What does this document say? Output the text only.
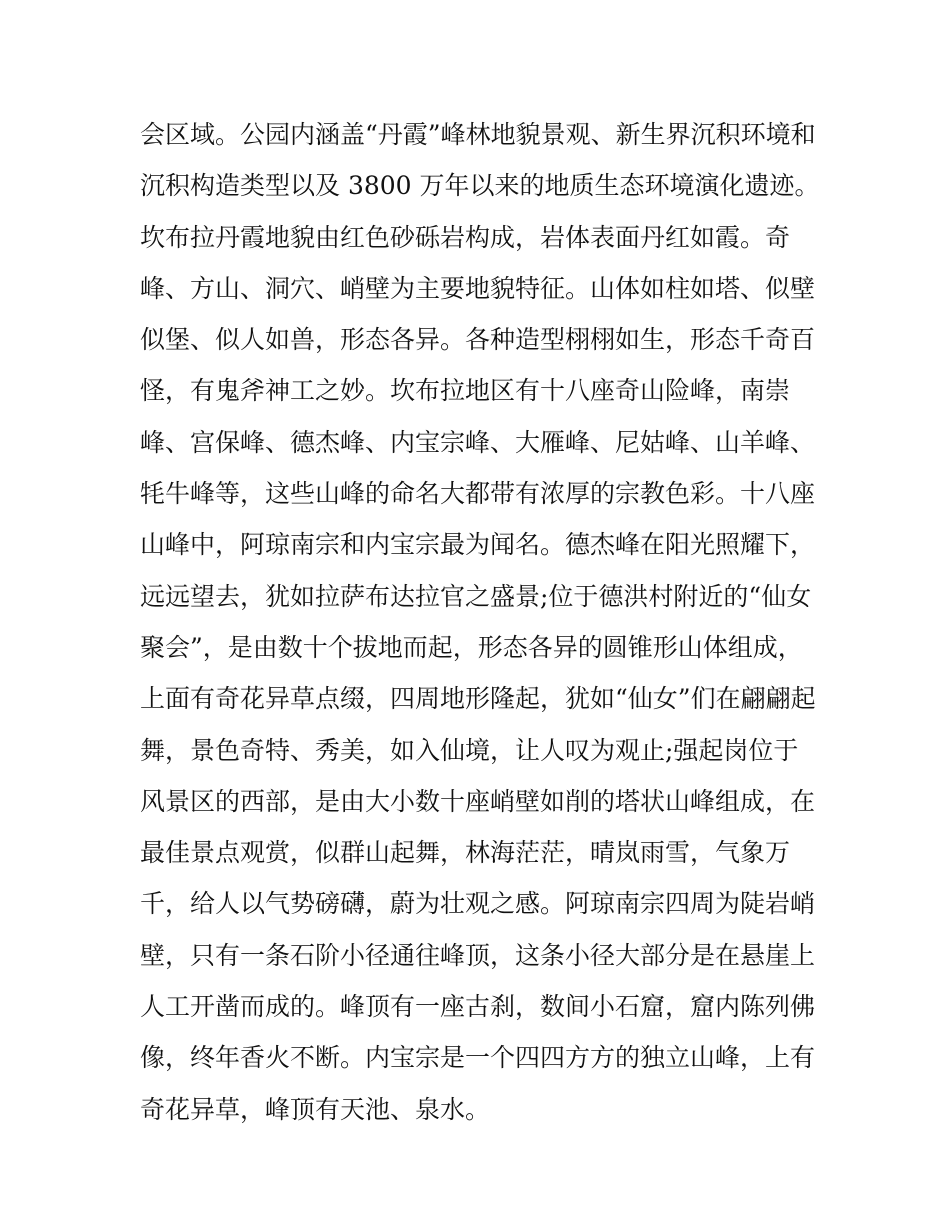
会区域。公园内涵盖“丹霞”峰林地貌景观、新生界沉积环境和
沉积构造类型以及 3800 万年以来的地质生态环境演化遗迹。
坎布拉丹霞地貌由红色砂砾岩构成，岩体表面丹红如霞。奇
峰、方山、洞穴、峭壁为主要地貌特征。山体如柱如塔、似壁
似堡、似人如兽，形态各异。各种造型栩栩如生，形态千奇百
怪，有鬼斧神工之妙。坎布拉地区有十八座奇山险峰，南崇
峰、宫保峰、德杰峰、内宝宗峰、大雁峰、尼姑峰、山羊峰、
牦牛峰等，这些山峰的命名大都带有浓厚的宗教色彩。十八座
山峰中，阿琼南宗和内宝宗最为闻名。德杰峰在阳光照耀下，
远远望去，犹如拉萨布达拉官之盛景;位于德洪村附近的“仙女
聚会”，是由数十个拔地而起，形态各异的圆锥形山体组成，
上面有奇花异草点缀，四周地形隆起，犹如“仙女”们在翩翩起
舞，景色奇特、秀美，如入仙境，让人叹为观止;强起岗位于
风景区的西部，是由大小数十座峭壁如削的塔状山峰组成，在
最佳景点观赏，似群山起舞，林海茫茫，晴岚雨雪，气象万
千，给人以气势磅礴，蔚为壮观之感。阿琼南宗四周为陡岩峭
壁，只有一条石阶小径通往峰顶，这条小径大部分是在悬崖上
人工开凿而成的。峰顶有一座古刹，数间小石窟，窟内陈列佛
像，终年香火不断。内宝宗是一个四四方方的独立山峰，上有
奇花异草，峰顶有天池、泉水。
